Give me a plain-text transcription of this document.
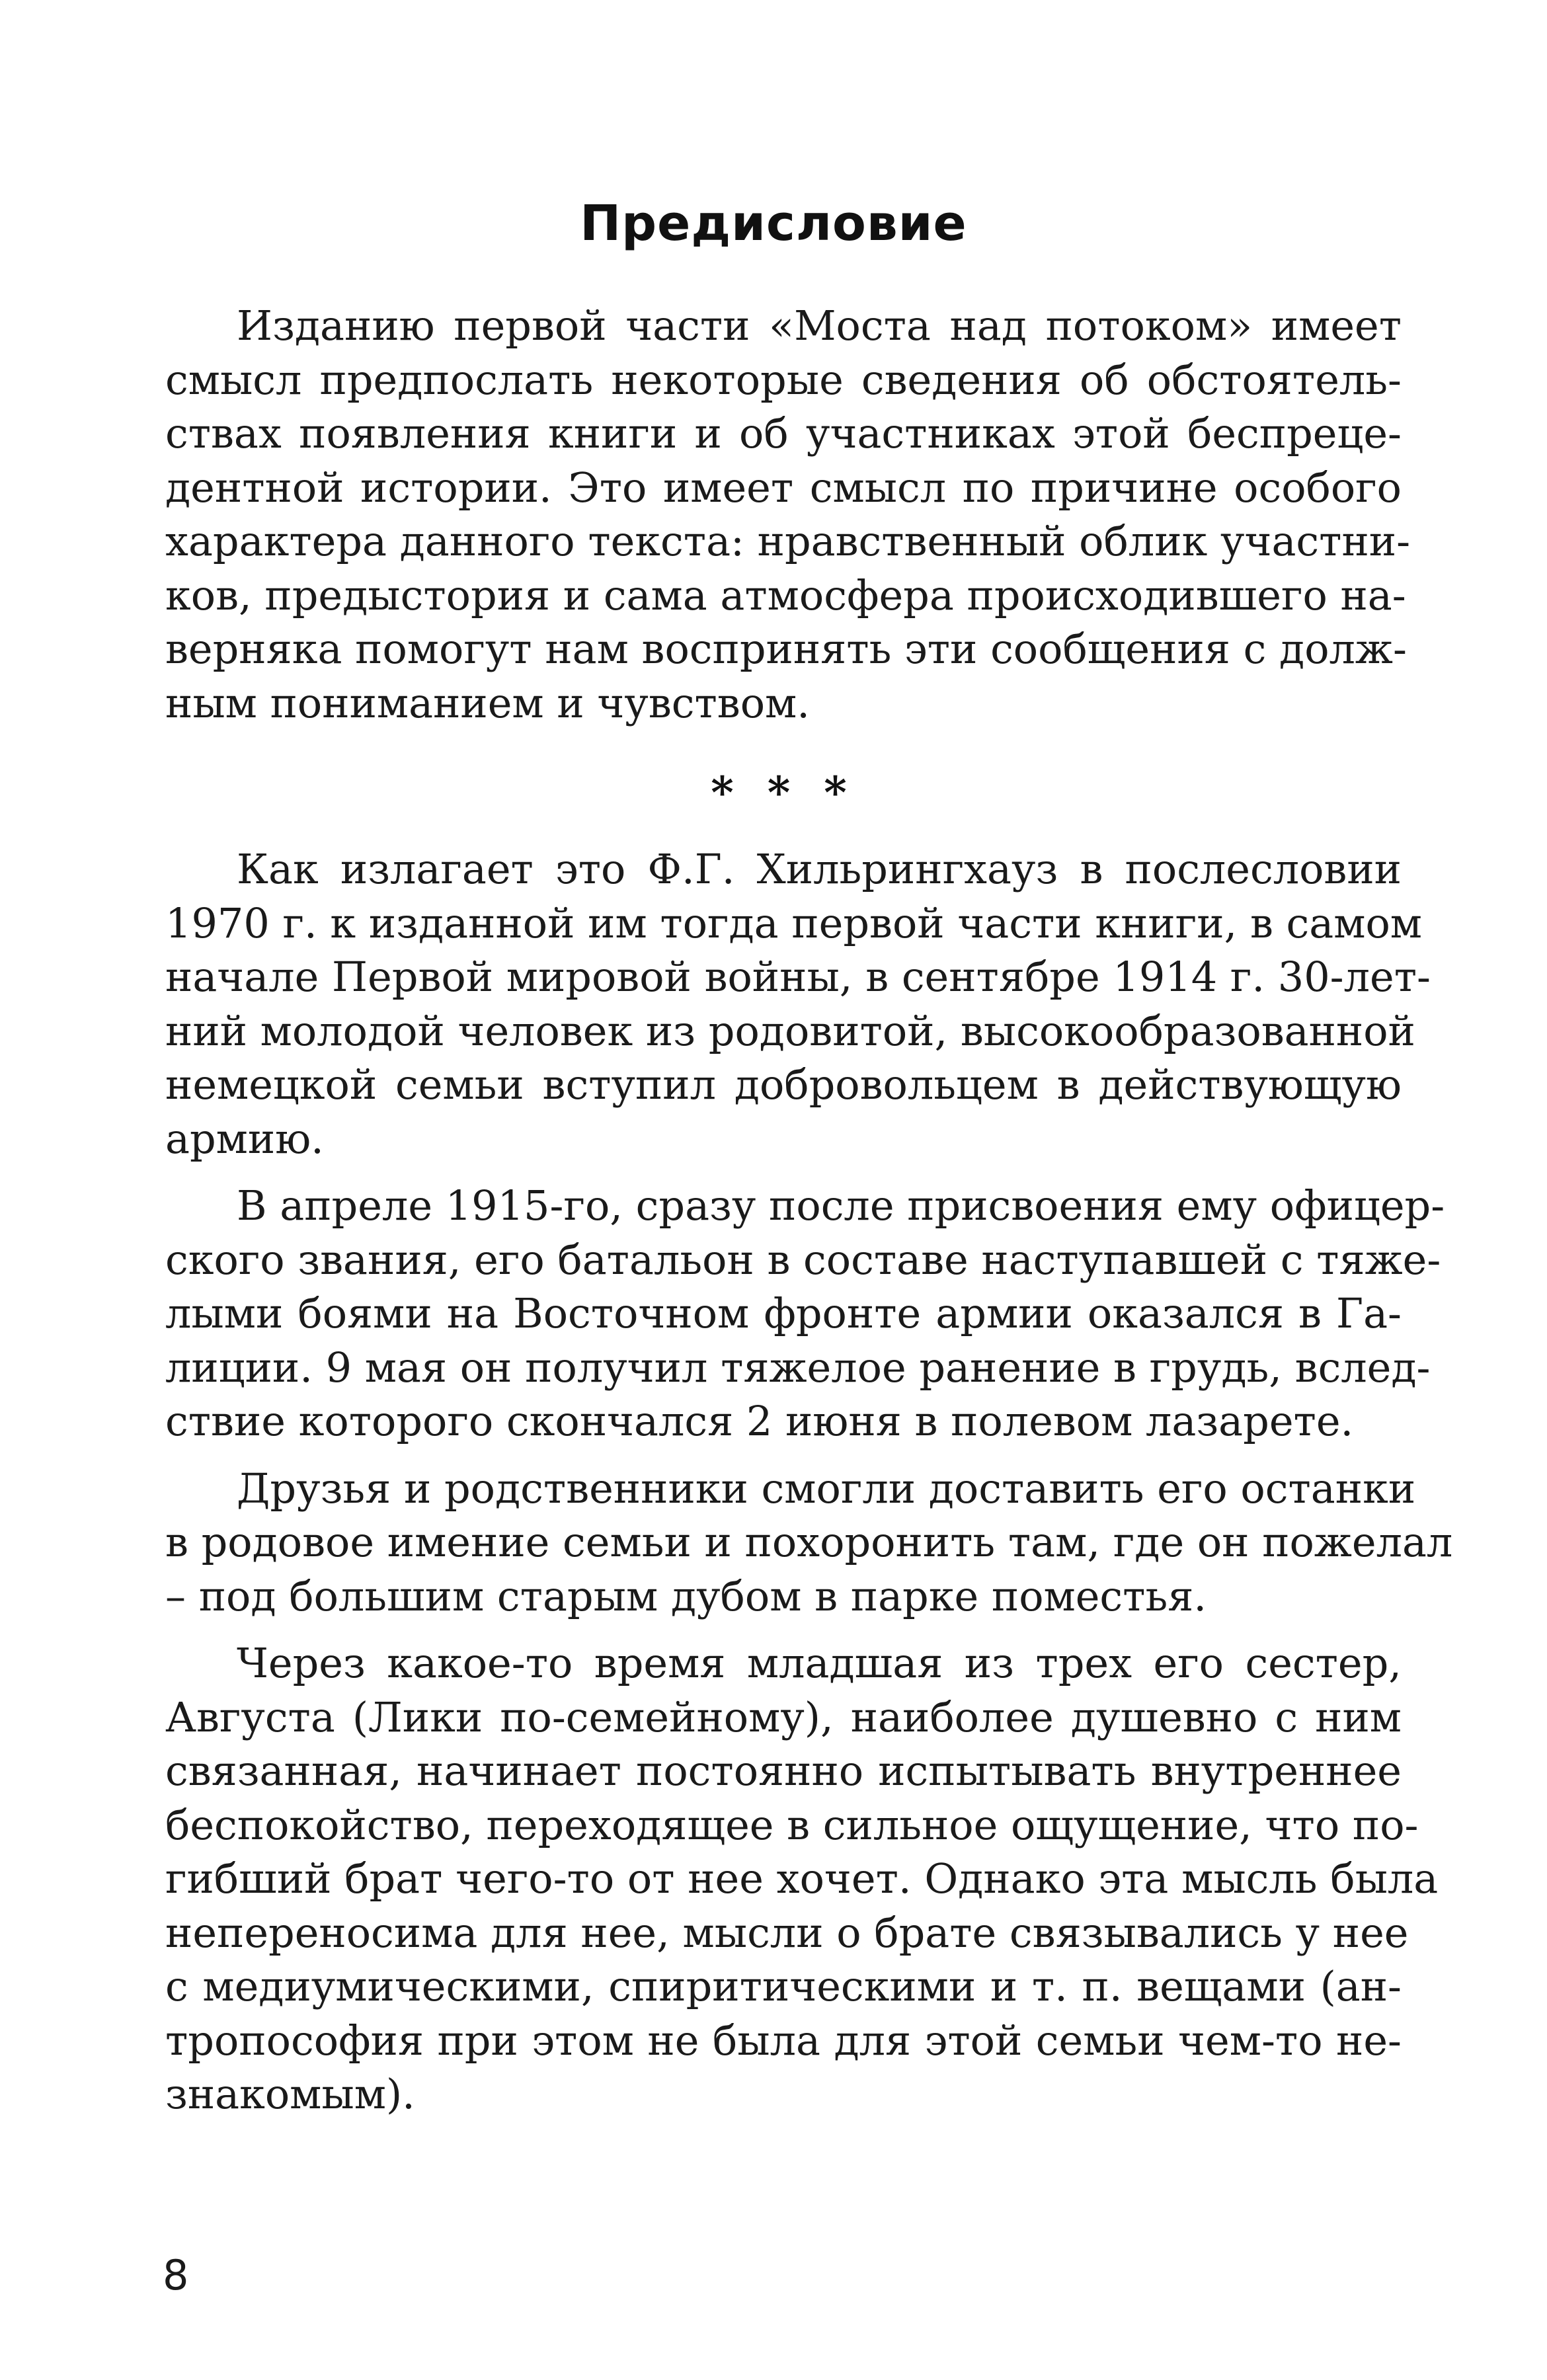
Предисловие
Изданию первой части «Моста над потоком» имеет
смысл предпослать некоторые сведения об обстоятель-
ствах появления книги и об участниках этой беспреце-
дентной истории. Это имеет смысл по причине особого
характера данного текста: нравственный облик участни-
ков, предыстория и сама атмосфера происходившего на-
верняка помогут нам воспринять эти сообщения с долж-
ным пониманием и чувством.
* * *
Как излагает это Ф.Г. Хильрингхауз в послесловии
1970 г. к изданной им тогда первой части книги, в самом
начале Первой мировой войны, в сентябре 1914 г. 30-лет-
ний молодой человек из родовитой, высокообразованной
немецкой семьи вступил добровольцем в действующую
армию.
В апреле 1915-го, сразу после присвоения ему офицер-
ского звания, его батальон в составе наступавшей с тяже-
лыми боями на Восточном фронте армии оказался в Га-
лиции. 9 мая он получил тяжелое ранение в грудь, вслед-
ствие которого скончался 2 июня в полевом лазарете.
Друзья и родственники смогли доставить его останки
в родовое имение семьи и похоронить там, где он пожелал
– под большим старым дубом в парке поместья.
Через какое-то время младшая из трех его сестер,
Августа (Лики по-семейному), наиболее душевно с ним
связанная, начинает постоянно испытывать внутреннее
беспокойство, переходящее в сильное ощущение, что по-
гибший брат чего-то от нее хочет. Однако эта мысль была
непереносима для нее, мысли о брате связывались у нее
с медиумическими, спиритическими и т. п. вещами (ан-
тропософия при этом не была для этой семьи чем-то не-
знакомым).
8
